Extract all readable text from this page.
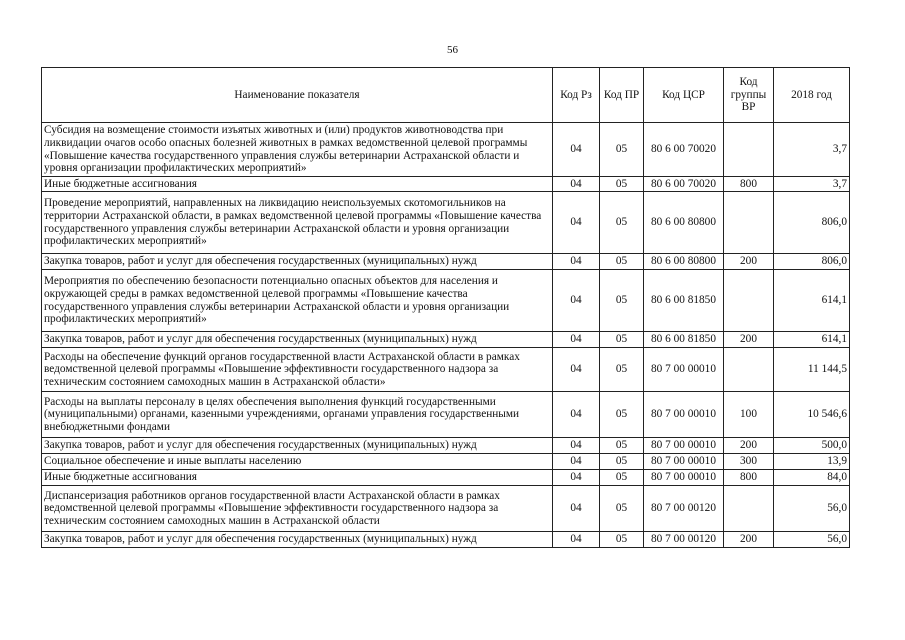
56
Наименование показателя	Код Рз	Код ПР	Код ЦСР	Код группы ВР	2018 год
Субсидия на возмещение стоимости изъятых животных и (или) продуктов животноводства при ликвидации очагов особо опасных болезней животных в рамках ведомственной целевой программы «Повышение качества государственного управления службы ветеринарии Астраханской области и уровня организации профилактических мероприятий»	04	05	80 6 00 70020		3,7
Иные бюджетные ассигнования	04	05	80 6 00 70020	800	3,7
Проведение мероприятий, направленных на ликвидацию неиспользуемых скотомогильников на территории Астраханской области, в рамках ведомственной целевой программы «Повышение качества государственного управления службы ветеринарии Астраханской области и уровня организации профилактических мероприятий»	04	05	80 6 00 80800		806,0
Закупка товаров, работ и услуг для обеспечения государственных (муниципальных) нужд	04	05	80 6 00 80800	200	806,0
Мероприятия по обеспечению безопасности потенциально опасных объектов для населения и окружающей среды в рамках ведомственной целевой программы «Повышение качества государственного управления службы ветеринарии Астраханской области и уровня организации профилактических мероприятий»	04	05	80 6 00 81850		614,1
Закупка товаров, работ и услуг для обеспечения государственных (муниципальных) нужд	04	05	80 6 00 81850	200	614,1
Расходы на обеспечение функций органов государственной власти Астраханской области в рамках ведомственной целевой программы «Повышение эффективности государственного надзора за техническим состоянием самоходных машин в Астраханской области»	04	05	80 7 00 00010		11 144,5
Расходы на выплаты персоналу в целях обеспечения выполнения функций государственными (муниципальными) органами, казенными учреждениями, органами управления государственными внебюджетными фондами	04	05	80 7 00 00010	100	10 546,6
Закупка товаров, работ и услуг для обеспечения государственных (муниципальных) нужд	04	05	80 7 00 00010	200	500,0
Социальное обеспечение и иные выплаты населению	04	05	80 7 00 00010	300	13,9
Иные бюджетные ассигнования	04	05	80 7 00 00010	800	84,0
Диспансеризация работников органов государственной власти Астраханской области в рамках ведомственной целевой программы «Повышение эффективности государственного надзора за техническим состоянием самоходных машин в Астраханской области	04	05	80 7 00 00120		56,0
Закупка товаров, работ и услуг для обеспечения государственных (муниципальных) нужд	04	05	80 7 00 00120	200	56,0
